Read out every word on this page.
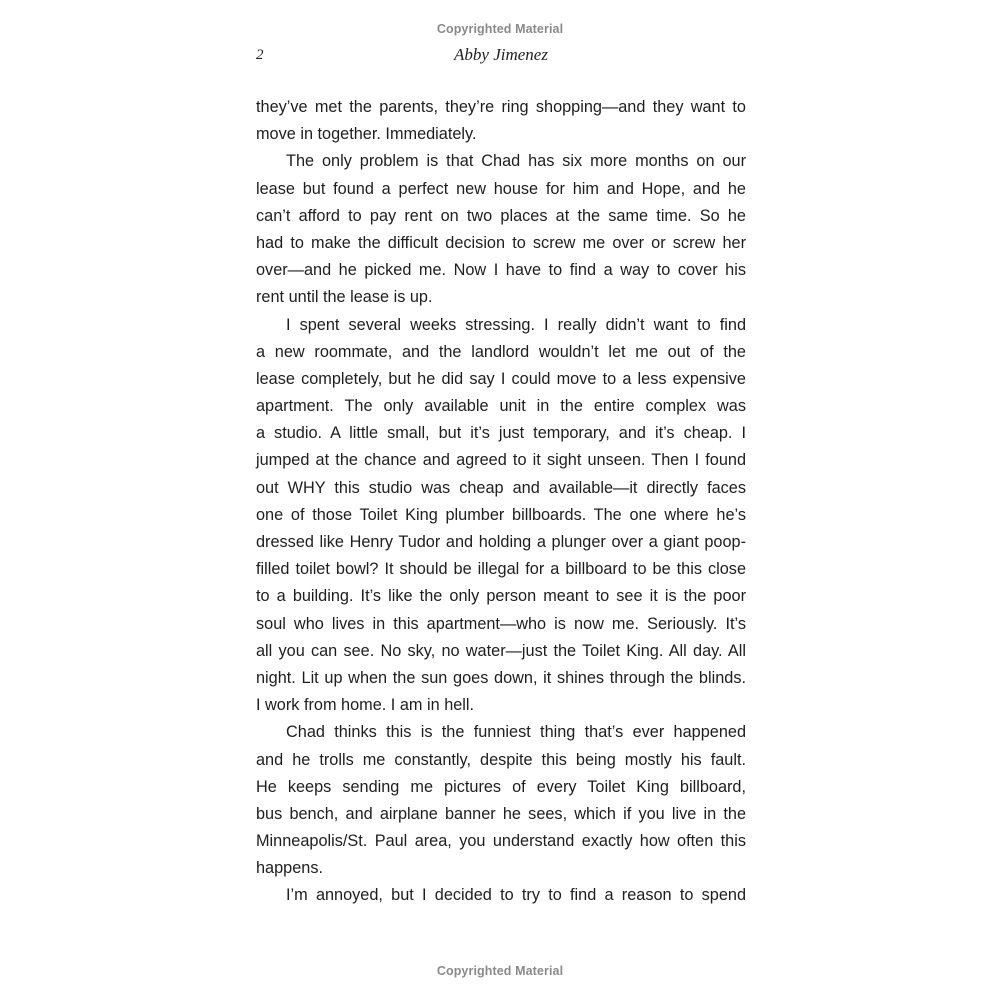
Copyrighted Material
2	Abby Jimenez
they’ve met the parents, they’re ring shopping—and they want to
move in together. Immediately.
The only problem is that Chad has six more months on our
lease but found a perfect new house for him and Hope, and he
can’t afford to pay rent on two places at the same time. So he
had to make the difficult decision to screw me over or screw her
over—and he picked me. Now I have to find a way to cover his
rent until the lease is up.
I spent several weeks stressing. I really didn’t want to find
a new roommate, and the landlord wouldn’t let me out of the
lease completely, but he did say I could move to a less expensive
apartment. The only available unit in the entire complex was
a studio. A little small, but it’s just temporary, and it’s cheap. I
jumped at the chance and agreed to it sight unseen. Then I found
out WHY this studio was cheap and available—it directly faces
one of those Toilet King plumber billboards. The one where he’s
dressed like Henry Tudor and holding a plunger over a giant poop-
filled toilet bowl? It should be illegal for a billboard to be this close
to a building. It’s like the only person meant to see it is the poor
soul who lives in this apartment—who is now me. Seriously. It’s
all you can see. No sky, no water—just the Toilet King. All day. All
night. Lit up when the sun goes down, it shines through the blinds.
I work from home. I am in hell.
Chad thinks this is the funniest thing that’s ever happened
and he trolls me constantly, despite this being mostly his fault.
He keeps sending me pictures of every Toilet King billboard,
bus bench, and airplane banner he sees, which if you live in the
Minneapolis/St. Paul area, you understand exactly how often this
happens.
I’m annoyed, but I decided to try to find a reason to spend
Copyrighted Material
